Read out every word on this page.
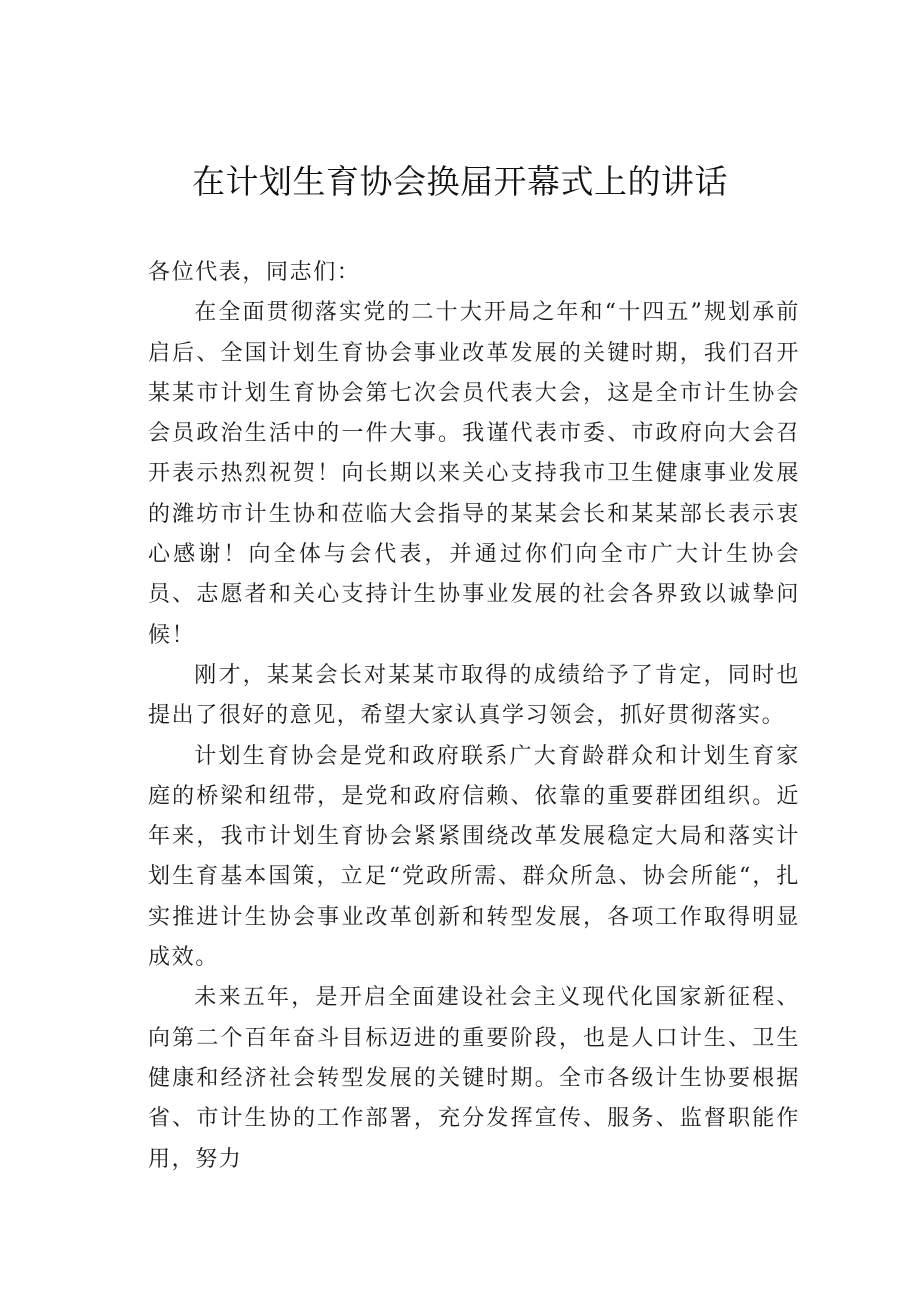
在计划生育协会换届开幕式上的讲话

各位代表，同志们：

在全面贯彻落实党的二十大开局之年和“十四五”规划承前启后、全国计划生育协会事业改革发展的关键时期，我们召开某某市计划生育协会第七次会员代表大会，这是全市计生协会会员政治生活中的一件大事。我谨代表市委、市政府向大会召开表示热烈祝贺！向长期以来关心支持我市卫生健康事业发展的潍坊市计生协和莅临大会指导的某某会长和某某部长表示衷心感谢！向全体与会代表，并通过你们向全市广大计生协会员、志愿者和关心支持计生协事业发展的社会各界致以诚挚问候！

刚才，某某会长对某某市取得的成绩给予了肯定，同时也提出了很好的意见，希望大家认真学习领会，抓好贯彻落实。

计划生育协会是党和政府联系广大育龄群众和计划生育家庭的桥梁和纽带，是党和政府信赖、依靠的重要群团组织。近年来，我市计划生育协会紧紧围绕改革发展稳定大局和落实计划生育基本国策，立足“党政所需、群众所急、协会所能“，扎实推进计生协会事业改革创新和转型发展，各项工作取得明显成效。

未来五年，是开启全面建设社会主义现代化国家新征程、向第二个百年奋斗目标迈进的重要阶段，也是人口计生、卫生健康和经济社会转型发展的关键时期。全市各级计生协要根据省、市计生协的工作部署，充分发挥宣传、服务、监督职能作用，努力
